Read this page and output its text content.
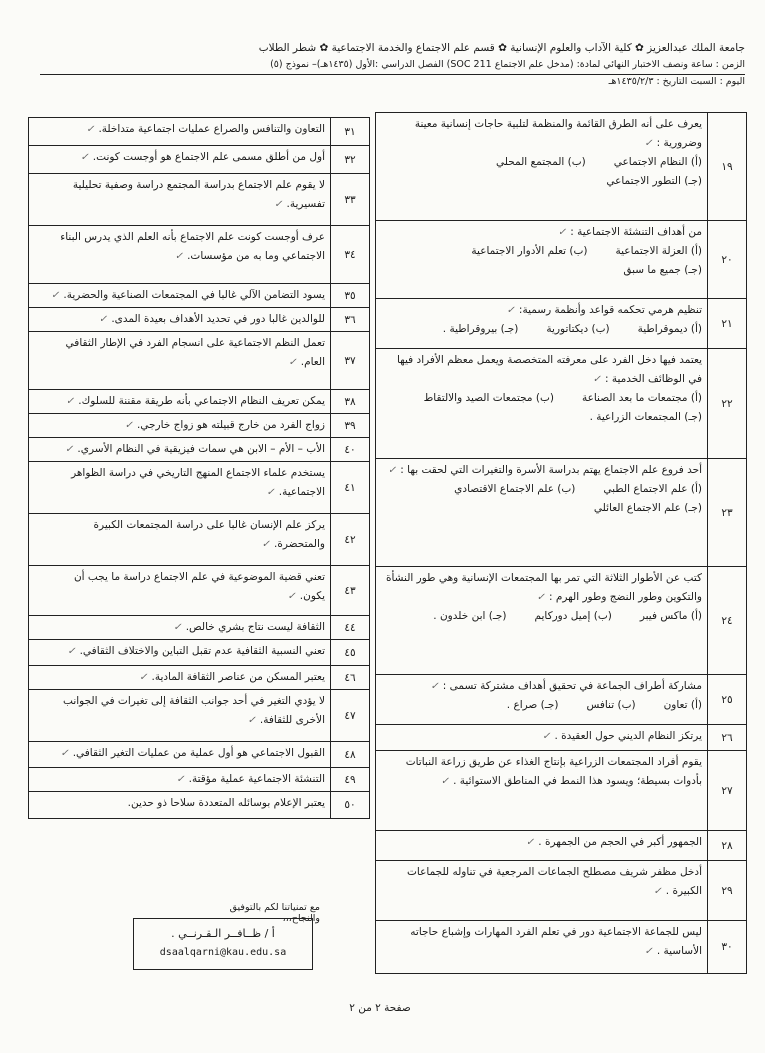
جامعة الملك عبدالعزيز ✿ كلية الآداب والعلوم الإنسانية ✿ قسم علم الاجتماع والخدمة الاجتماعية ✿ شطر الطلاب
الزمن : ساعة ونصف الاختبار النهائي لمادة: (مدخل علم الاجتماع SOC 211) الفصل الدراسي :الأول (١٤٣٥هـ)– نموذج (٥)
اليوم : السبت التاريخ : ١٤٣٥/٢/٣هـ
١٩
يعرف على أنه الطرق القائمة والمنظمة لتلبية حاجات إنسانية معينة وضرورية :✓
(أ) النظام الاجتماعي
(ب) المجتمع المحلي
(جـ) التطور الاجتماعي
٢٠
من أهداف التنشئة الاجتماعية :✓
(أ) العزلة الاجتماعية
(ب) تعلم الأدوار الاجتماعية
(جـ) جميع ما سبق
٢١
تنظيم هرمي تحكمه قواعد وأنظمة رسمية:✓
(أ) ديموقراطية
(ب) ديكتاتورية
(جـ) بيروقراطية .
٢٢
يعتمد فيها دخل الفرد على معرفته المتخصصة ويعمل معظم الأفراد فيها في الوظائف الخدمية :✓
(أ) مجتمعات ما بعد الصناعة
(ب) مجتمعات الصيد والالتقاط
(جـ) المجتمعات الزراعية .
٢٣
أحد فروع علم الاجتماع يهتم بدراسة الأسرة والتغيرات التي لحقت بها :✓
(أ) علم الاجتماع الطبي
(ب) علم الاجتماع الاقتصادي
(جـ) علم الاجتماع العائلي
٢٤
كتب عن الأطوار الثلاثة التي تمر بها المجتمعات الإنسانية وهي طور النشأة والتكوين وطور النضج وطور الهرم :✓
(أ) ماكس فيبر
(ب) إميل دوركايم
(جـ) ابن خلدون .
٢٥
مشاركة أطراف الجماعة في تحقيق أهداف مشتركة تسمى :✓
(أ) تعاون
(ب) تنافس
(جـ) صراع .
٢٦
يرتكز النظام الديني حول العقيدة .✓
٢٧
يقوم أفراد المجتمعات الزراعية بإنتاج الغذاء عن طريق زراعة النباتات بأدوات بسيطة؛ ويسود هذا النمط في المناطق الاستوائية .✓
٢٨
الجمهور أكبر في الحجم من الجمهرة .✓
٢٩
أدخل مظفر شريف مصطلح الجماعات المرجعية في تناوله للجماعات الكبيرة .✓
٣٠
ليس للجماعة الاجتماعية دور في تعلم الفرد المهارات وإشباع حاجاته الأساسية .✓
٣١
التعاون والتنافس والصراع عمليات اجتماعية متداخلة.✓
٣٢
أول من أطلق مسمى علم الاجتماع هو أوجست كونت.✓
٣٣
لا يقوم علم الاجتماع بدراسة المجتمع دراسة وصفية تحليلية تفسيرية.✓
٣٤
عرف أوجست كونت علم الاجتماع بأنه العلم الذي يدرس البناء الاجتماعي وما به من مؤسسات.✓
٣٥
يسود التضامن الآلي غالبا في المجتمعات الصناعية والحضرية.✓
٣٦
للوالدين غالبا دور في تحديد الأهداف بعيدة المدى.✓
٣٧
تعمل النظم الاجتماعية على انسجام الفرد في الإطار الثقافي العام.✓
٣٨
يمكن تعريف النظام الاجتماعي بأنه طريقة مقننة للسلوك.✓
٣٩
زواج الفرد من خارج قبيلته هو زواج خارجي.✓
٤٠
الأب – الأم – الابن هي سمات فيزيقية في النظام الأسري.✓
٤١
يستخدم علماء الاجتماع المنهج التاريخي في دراسة الظواهر الاجتماعية.✓
٤٢
يركز علم الإنسان غالبا على دراسة المجتمعات الكبيرة والمتحضرة.✓
٤٣
تعني قضية الموضوعية في علم الاجتماع دراسة ما يجب أن يكون.✓
٤٤
الثقافة ليست نتاج بشري خالص.✓
٤٥
تعني النسبية الثقافية عدم تقبل التباين والاختلاف الثقافي.✓
٤٦
يعتبر المسكن من عناصر الثقافة المادية.✓
٤٧
لا يؤدي التغير في أحد جوانب الثقافة إلى تغيرات في الجوانب الأخرى للثقافة.✓
٤٨
القبول الاجتماعي هو أول عملية من عمليات التغير الثقافي.✓
٤٩
التنشئة الاجتماعية عملية مؤقتة.✓
٥٠
يعتبر الإعلام بوسائله المتعددة سلاحا ذو حدين.
مع تمنياتنا لكم بالتوفيق والنجاح،،،
أ / ظــافــر الـقـرنــي .
dsaalqarni@kau.edu.sa
صفحة ٢ من ٢
